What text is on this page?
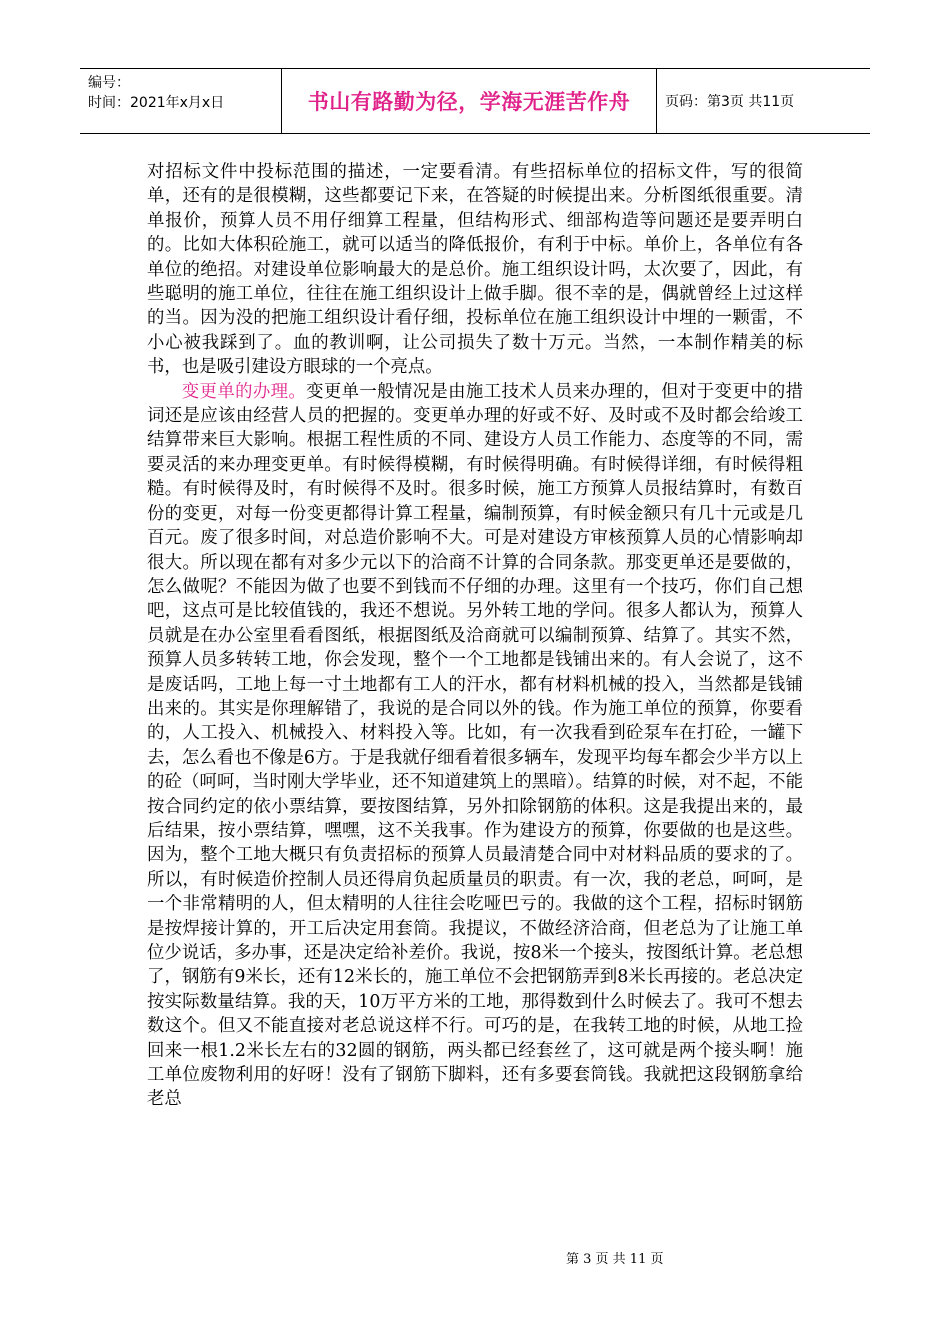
编号：
时间：2021年x月x日	书山有路勤为径，学海无涯苦作舟	页码：第3页 共11页

对招标文件中投标范围的描述，一定要看清。有些招标单位的招标文件，写的很简单，还有的是很模糊，这些都要记下来，在答疑的时候提出来。分析图纸很重要。清单报价，预算人员不用仔细算工程量，但结构形式、细部构造等问题还是要弄明白的。比如大体积砼施工，就可以适当的降低报价，有利于中标。单价上，各单位有各单位的绝招。对建设单位影响最大的是总价。施工组织设计吗，太次要了，因此，有些聪明的施工单位，往往在施工组织设计上做手脚。很不幸的是，偶就曾经上过这样的当。因为没的把施工组织设计看仔细，投标单位在施工组织设计中埋的一颗雷，不小心被我踩到了。血的教训啊，让公司损失了数十万元。当然，一本制作精美的标书，也是吸引建设方眼球的一个亮点。

变更单的办理。变更单一般情况是由施工技术人员来办理的，但对于变更中的措词还是应该由经营人员的把握的。变更单办理的好或不好、及时或不及时都会给竣工结算带来巨大影响。根据工程性质的不同、建设方人员工作能力、态度等的不同，需要灵活的来办理变更单。有时候得模糊，有时候得明确。有时候得详细，有时候得粗糙。有时候得及时，有时候得不及时。很多时候，施工方预算人员报结算时，有数百份的变更，对每一份变更都得计算工程量，编制预算，有时候金额只有几十元或是几百元。废了很多时间，对总造价影响不大。可是对建设方审核预算人员的心情影响却很大。所以现在都有对多少元以下的洽商不计算的合同条款。那变更单还是要做的，怎么做呢？不能因为做了也要不到钱而不仔细的办理。这里有一个技巧，你们自己想吧，这点可是比较值钱的，我还不想说。另外转工地的学问。很多人都认为，预算人员就是在办公室里看看图纸，根据图纸及洽商就可以编制预算、结算了。其实不然，预算人员多转转工地，你会发现，整个一个工地都是钱铺出来的。有人会说了，这不是废话吗，工地上每一寸土地都有工人的汗水，都有材料机械的投入，当然都是钱铺出来的。其实是你理解错了，我说的是合同以外的钱。作为施工单位的预算，你要看的，人工投入、机械投入、材料投入等。比如，有一次我看到砼泵车在打砼，一罐下去，怎么看也不像是6方。于是我就仔细看着很多辆车，发现平均每车都会少半方以上的砼（呵呵，当时刚大学毕业，还不知道建筑上的黑暗）。结算的时候，对不起，不能按合同约定的依小票结算，要按图结算，另外扣除钢筋的体积。这是我提出来的，最后结果，按小票结算，嘿嘿，这不关我事。作为建设方的预算，你要做的也是这些。因为，整个工地大概只有负责招标的预算人员最清楚合同中对材料品质的要求的了。所以，有时候造价控制人员还得肩负起质量员的职责。有一次，我的老总，呵呵，是一个非常精明的人，但太精明的人往往会吃哑巴亏的。我做的这个工程，招标时钢筋是按焊接计算的，开工后决定用套筒。我提议，不做经济洽商，但老总为了让施工单位少说话，多办事，还是决定给补差价。我说，按8米一个接头，按图纸计算。老总想了，钢筋有9米长，还有12米长的，施工单位不会把钢筋弄到8米长再接的。老总决定按实际数量结算。我的天，10万平方米的工地，那得数到什么时候去了。我可不想去数这个。但又不能直接对老总说这样不行。可巧的是，在我转工地的时候，从地工捡回来一根1.2米长左右的32圆的钢筋，两头都已经套丝了，这可就是两个接头啊！施工单位废物利用的好呀！没有了钢筋下脚料，还有多要套筒钱。我就把这段钢筋拿给老总

第 3 页 共 11 页
